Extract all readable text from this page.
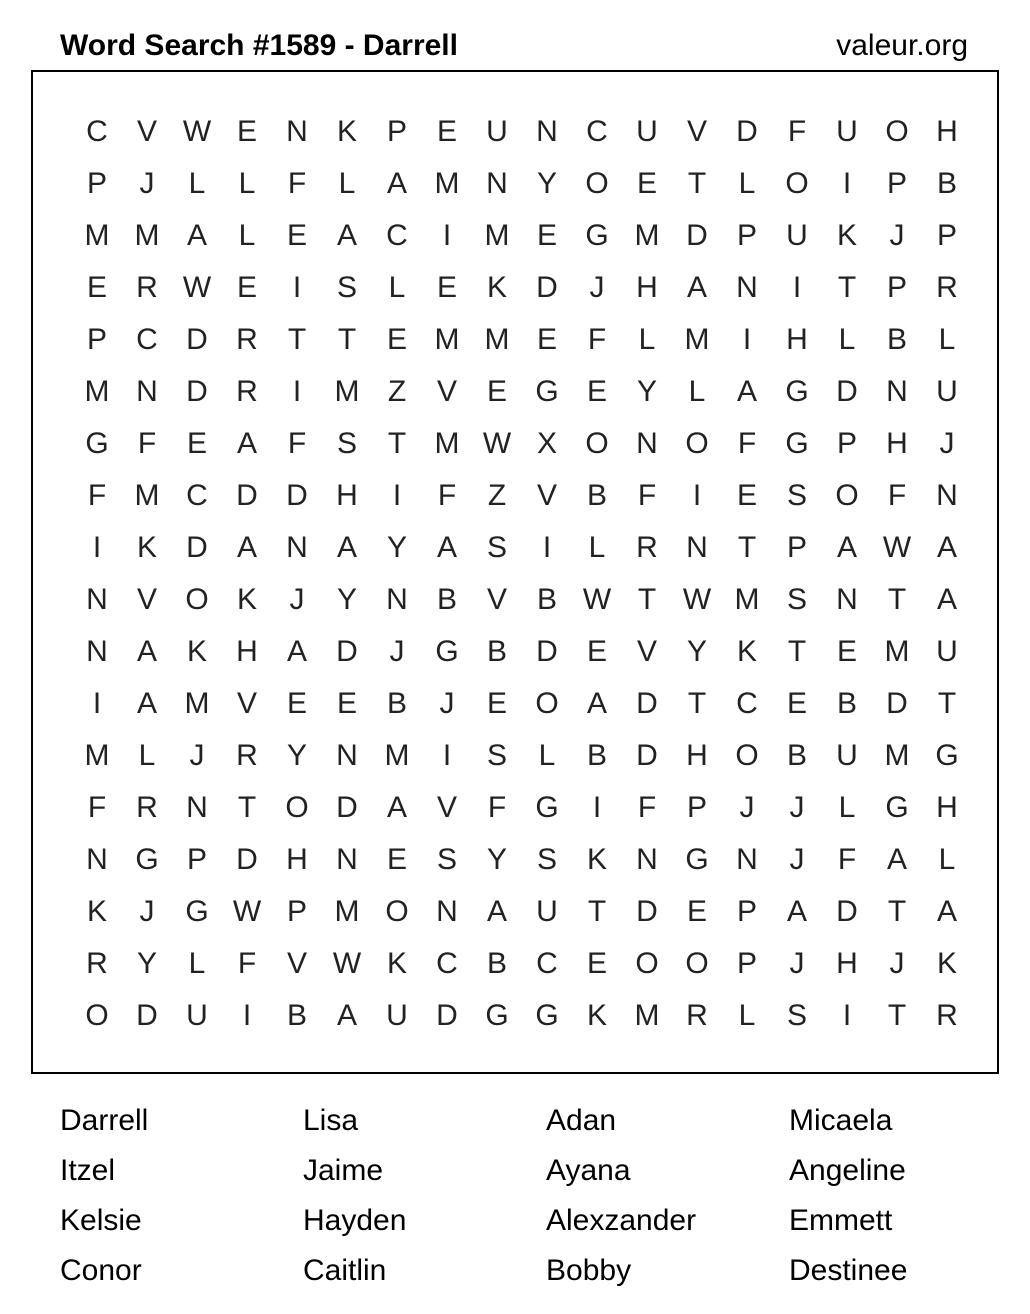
Word Search #1589 - Darrell	valeur.org
C V W E N K P E U N C U V D	F	U O H
P	J	L	L	F	L	A M N Y O E	T	L O	I	P B
M M A	L	E A C	I	M E G M D P U K	J	P
E R W E	I	S	L	E K D	J	H A N	I	T	P R
P C D R	T	T	E M M E	F	L M	I	H	L	B	L
M N D R	I	M Z	V E G E Y	L	A G D N U
G F	E A	F	S	T M W X O N O F G P H	J
F M C D D H	I	F	Z	V B	F	I	E S O F	N
I	K D A N A Y A S	I	L	R N	T	P A W A
N V O K	J	Y N B V B W T W M S N	T	A
N A K H A D	J	G B D E V Y K	T	E M U
I	A M V E E B	J	E O A D	T	C E B D	T
M L	J	R Y N M	I	S	L	B D H O B U M G
F	R N	T O D A V	F G	I	F	P	J	J	L G H
N G P D H N E S Y S K N G N	J	F	A	L
K	J	G W P M O N A U	T	D E P A D	T	A
R Y	L	F	V W K C B C E O O P	J	H	J	K
O D U	I	B A U D G G K M R	L	S	I	T	R
Darrell	Lisa	Adan	Micaela
Itzel	Jaime	Ayana	Angeline
Kelsie	Hayden	Alexzander	Emmett
Conor	Caitlin	Bobby	Destinee
